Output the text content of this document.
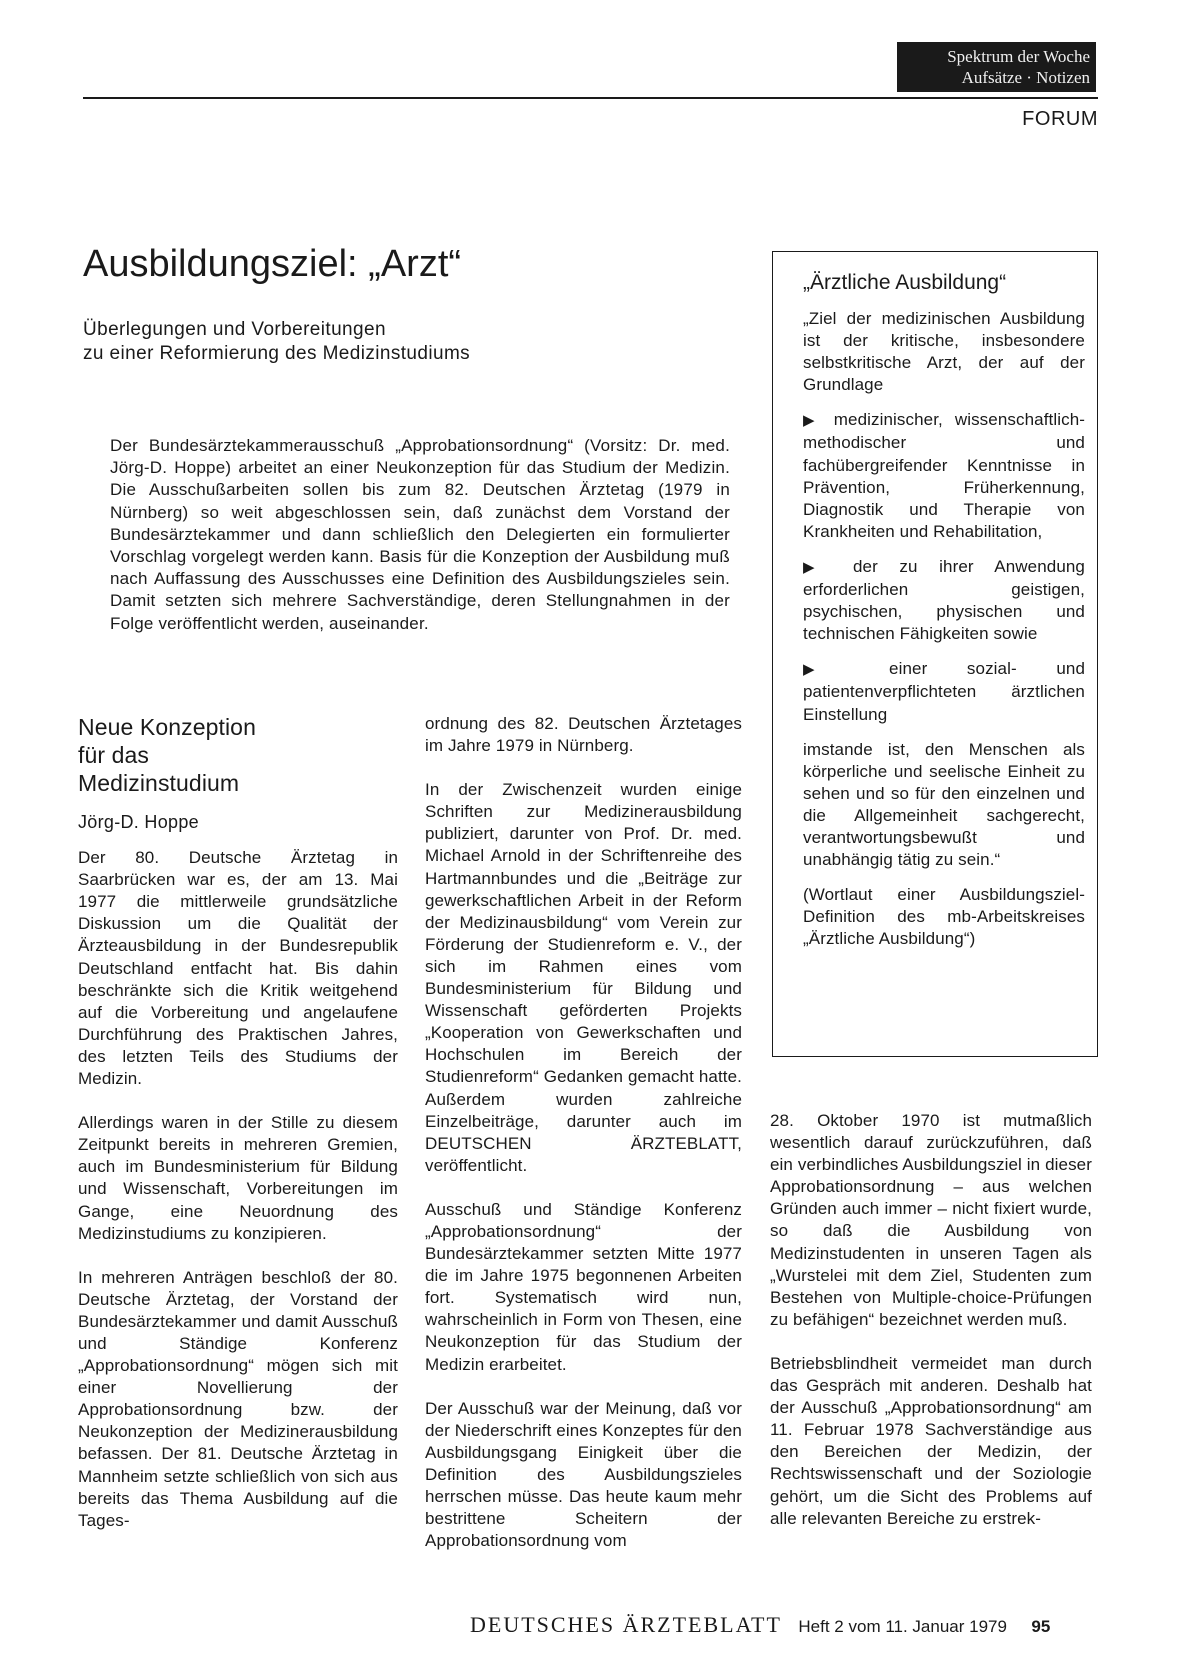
Spektrum der Woche
Aufsätze · Notizen
FORUM
Ausbildungsziel: „Arzt“
Überlegungen und Vorbereitungen
zu einer Reformierung des Medizinstudiums
Der Bundesärztekammerausschuß „Approbationsordnung“ (Vorsitz: Dr. med. Jörg-D. Hoppe) arbeitet an einer Neukonzeption für das Studium der Medizin. Die Ausschußarbeiten sollen bis zum 82. Deutschen Ärztetag (1979 in Nürnberg) so weit abgeschlossen sein, daß zunächst dem Vorstand der Bundesärztekammer und dann schließlich den Delegierten ein formulierter Vorschlag vorgelegt werden kann. Basis für die Konzeption der Ausbildung muß nach Auffassung des Ausschusses eine Definition des Ausbildungszieles sein. Damit setzten sich mehrere Sachverständige, deren Stellungnahmen in der Folge veröffentlicht werden, auseinander.
Neue Konzeption
für das
Medizinstudium
Jörg-D. Hoppe

Der 80. Deutsche Ärztetag in Saarbrücken war es, der am 13. Mai 1977 die mittlerweile grundsätzliche Diskussion um die Qualität der Ärzteausbildung in der Bundesrepublik Deutschland entfacht hat. Bis dahin beschränkte sich die Kritik weitgehend auf die Vorbereitung und angelaufene Durchführung des Praktischen Jahres, des letzten Teils des Studiums der Medizin.

Allerdings waren in der Stille zu diesem Zeitpunkt bereits in mehreren Gremien, auch im Bundesministerium für Bildung und Wissenschaft, Vorbereitungen im Gange, eine Neuordnung des Medizinstudiums zu konzipieren.

In mehreren Anträgen beschloß der 80. Deutsche Ärztetag, der Vorstand der Bundesärztekammer und damit Ausschuß und Ständige Konferenz „Approbationsordnung“ mögen sich mit einer Novellierung der Approbationsordnung bzw. der Neukonzeption der Medizinerausbildung befassen. Der 81. Deutsche Ärztetag in Mannheim setzte schließlich von sich aus bereits das Thema Ausbildung auf die Tages-

ordnung des 82. Deutschen Ärztetages im Jahre 1979 in Nürnberg.

In der Zwischenzeit wurden einige Schriften zur Medizinerausbildung publiziert, darunter von Prof. Dr. med. Michael Arnold in der Schriftenreihe des Hartmannbundes und die „Beiträge zur gewerkschaftlichen Arbeit in der Reform der Medizinausbildung“ vom Verein zur Förderung der Studienreform e. V., der sich im Rahmen eines vom Bundesministerium für Bildung und Wissenschaft geförderten Projekts „Kooperation von Gewerkschaften und Hochschulen im Bereich der Studienreform“ Gedanken gemacht hatte. Außerdem wurden zahlreiche Einzelbeiträge, darunter auch im DEUTSCHEN ÄRZTEBLATT, veröffentlicht.

Ausschuß und Ständige Konferenz „Approbationsordnung“ der Bundesärztekammer setzten Mitte 1977 die im Jahre 1975 begonnenen Arbeiten fort. Systematisch wird nun, wahrscheinlich in Form von Thesen, eine Neukonzeption für das Studium der Medizin erarbeitet.

Der Ausschuß war der Meinung, daß vor der Niederschrift eines Konzeptes für den Ausbildungsgang Einigkeit über die Definition des Ausbildungszieles herrschen müsse. Das heute kaum mehr bestrittene Scheitern der Approbationsordnung vom

„Ärztliche Ausbildung“

„Ziel der medizinischen Ausbildung ist der kritische, insbesondere selbstkritische Arzt, der auf der Grundlage

▶ medizinischer, wissenschaftlich-methodischer und fachübergreifender Kenntnisse in Prävention, Früherkennung, Diagnostik und Therapie von Krankheiten und Rehabilitation,

▶ der zu ihrer Anwendung erforderlichen geistigen, psychischen, physischen und technischen Fähigkeiten sowie

▶ einer sozial- und patientenverpflichteten ärztlichen Einstellung

imstande ist, den Menschen als körperliche und seelische Einheit zu sehen und so für den einzelnen und die Allgemeinheit sachgerecht, verantwortungsbewußt und unabhängig tätig zu sein.“

(Wortlaut einer Ausbildungsziel-Definition des mb-Arbeitskreises „Ärztliche Ausbildung“)

28. Oktober 1970 ist mutmaßlich wesentlich darauf zurückzuführen, daß ein verbindliches Ausbildungsziel in dieser Approbationsordnung – aus welchen Gründen auch immer – nicht fixiert wurde, so daß die Ausbildung von Medizinstudenten in unseren Tagen als „Wurstelei mit dem Ziel, Studenten zum Bestehen von Multiple-choice-Prüfungen zu befähigen“ bezeichnet werden muß.

Betriebsblindheit vermeidet man durch das Gespräch mit anderen. Deshalb hat der Ausschuß „Approbationsordnung“ am 11. Februar 1978 Sachverständige aus den Bereichen der Medizin, der Rechtswissenschaft und der Soziologie gehört, um die Sicht des Problems auf alle relevanten Bereiche zu erstrek-

DEUTSCHES ÄRZTEBLATT Heft 2 vom 11. Januar 1979 95
